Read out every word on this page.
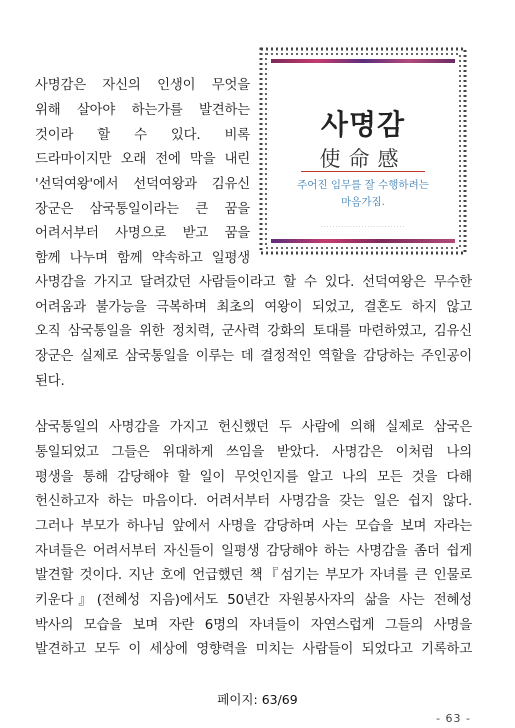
사명감은 자신의 인생이 무엇을
위해 살아야 하는가를 발견하는
것이라 할 수 있다. 비록
드라마이지만 오래 전에 막을 내린
'선덕여왕'에서 선덕여왕과 김유신
장군은 삼국통일이라는 큰 꿈을
어려서부터 사명으로 받고 꿈을
함께 나누며 함께 약속하고 일평생
사명감
使命感
주어진 임무를 잘 수행하려는
마음가짐.
·····························
사명감을 가지고 달려갔던 사람들이라고 할 수 있다. 선덕여왕은 무수한
어려움과 불가능을 극복하며 최초의 여왕이 되었고, 결혼도 하지 않고
오직 삼국통일을 위한 정치력, 군사력 강화의 토대를 마련하였고, 김유신
장군은 실제로 삼국통일을 이루는 데 결정적인 역할을 감당하는 주인공이
된다.
삼국통일의 사명감을 가지고 헌신했던 두 사람에 의해 실제로 삼국은
통일되었고 그들은 위대하게 쓰임을 받았다. 사명감은 이처럼 나의
평생을 통해 감당해야 할 일이 무엇인지를 알고 나의 모든 것을 다해
헌신하고자 하는 마음이다. 어려서부터 사명감을 갖는 일은 쉽지 않다.
그러나 부모가 하나님 앞에서 사명을 감당하며 사는 모습을 보며 자라는
자녀들은 어려서부터 자신들이 일평생 감당해야 하는 사명감을 좀더 쉽게
발견할 것이다. 지난 호에 언급했던 책『섬기는 부모가 자녀를 큰 인물로
키운다』(전혜성 지음)에서도 50년간 자원봉사자의 삶을 사는 전혜성
박사의 모습을 보며 자란 6명의 자녀들이 자연스럽게 그들의 사명을
발견하고 모두 이 세상에 영향력을 미치는 사람들이 되었다고 기록하고
페이지: 63/69
- 63 -
